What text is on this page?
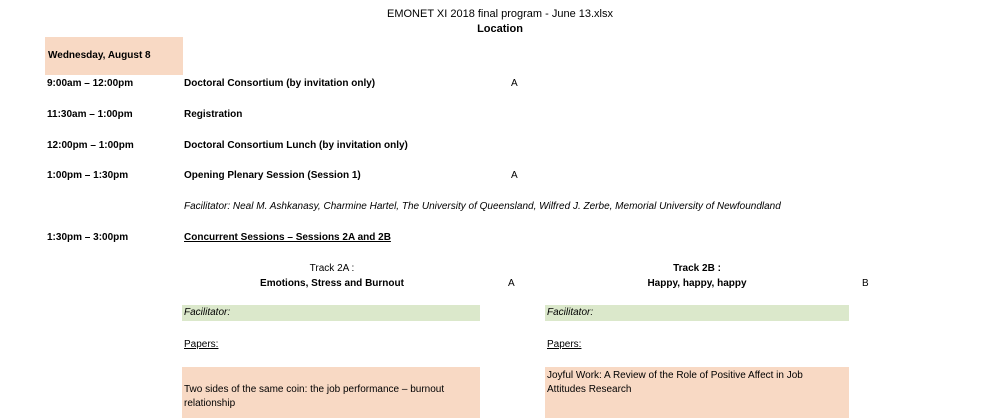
EMONET XI 2018 final program - June 13.xlsx
Location
Wednesday, August 8
9:00am – 12:00pm	Doctoral Consortium (by invitation only)	A
11:30am – 1:00pm	Registration
12:00pm – 1:00pm	Doctoral Consortium Lunch (by invitation only)
1:00pm – 1:30pm	Opening Plenary Session (Session 1)	A
Facilitator: Neal M. Ashkanasy, Charmine Hartel, The University of Queensland, Wilfred J. Zerbe, Memorial University of Newfoundland
1:30pm – 3:00pm	Concurrent Sessions – Sessions 2A and 2B
Track 2A :
Emotions, Stress and Burnout	A
Facilitator:
Papers:
Two sides of the same coin: the job performance – burnout relationship
Track 2B :
Happy, happy, happy	B
Facilitator:
Papers:
Joyful Work: A Review of the Role of Positive Affect in Job Attitudes Research
